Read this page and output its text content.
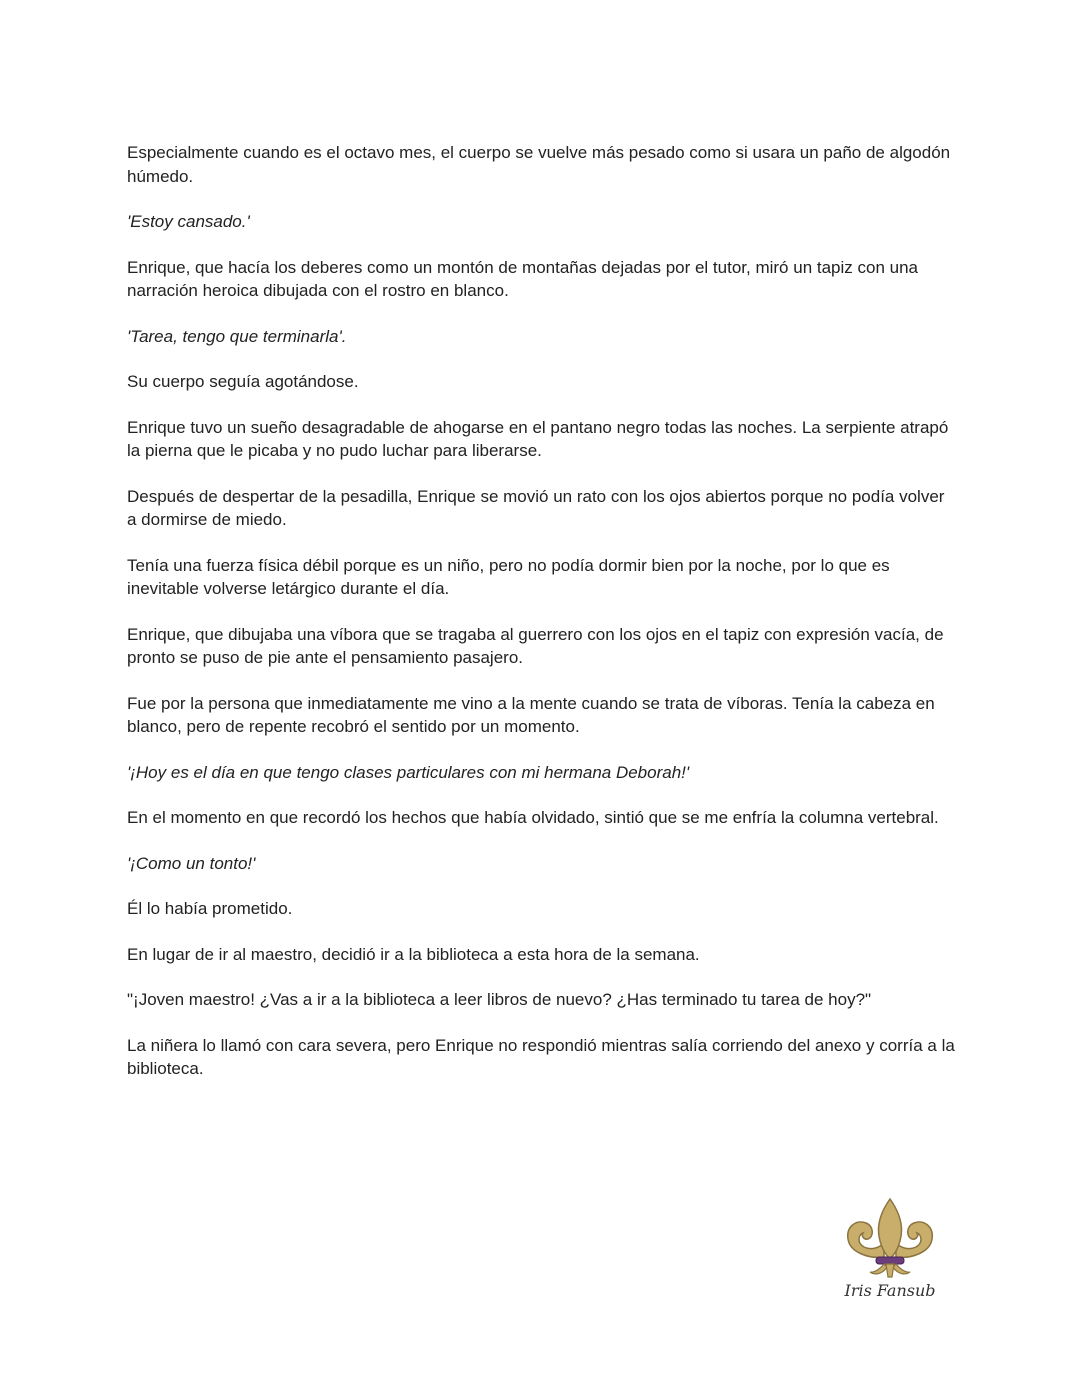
Especialmente cuando es el octavo mes, el cuerpo se vuelve más pesado como si usara un paño de algodón húmedo.

'Estoy cansado.'

Enrique, que hacía los deberes como un montón de montañas dejadas por el tutor, miró un tapiz con una narración heroica dibujada con el rostro en blanco.

'Tarea, tengo que terminarla'.

Su cuerpo seguía agotándose.

Enrique tuvo un sueño desagradable de ahogarse en el pantano negro todas las noches. La serpiente atrapó la pierna que le picaba y no pudo luchar para liberarse.

Después de despertar de la pesadilla, Enrique se movió un rato con los ojos abiertos porque no podía volver a dormirse de miedo.

Tenía una fuerza física débil porque es un niño, pero no podía dormir bien por la noche, por lo que es inevitable volverse letárgico durante el día.

Enrique, que dibujaba una víbora que se tragaba al guerrero con los ojos en el tapiz con expresión vacía, de pronto se puso de pie ante el pensamiento pasajero.

Fue por la persona que inmediatamente me vino a la mente cuando se trata de víboras. Tenía la cabeza en blanco, pero de repente recobró el sentido por un momento.

'¡Hoy es el día en que tengo clases particulares con mi hermana Deborah!'

En el momento en que recordó los hechos que había olvidado, sintió que se me enfría la columna vertebral.

'¡Como un tonto!'

Él lo había prometido.

En lugar de ir al maestro, decidió ir a la biblioteca a esta hora de la semana.

"¡Joven maestro! ¿Vas a ir a la biblioteca a leer libros de nuevo? ¿Has terminado tu tarea de hoy?"

La niñera lo llamó con cara severa, pero Enrique no respondió mientras salía corriendo del anexo y corría a la biblioteca.

Iris Fansub
